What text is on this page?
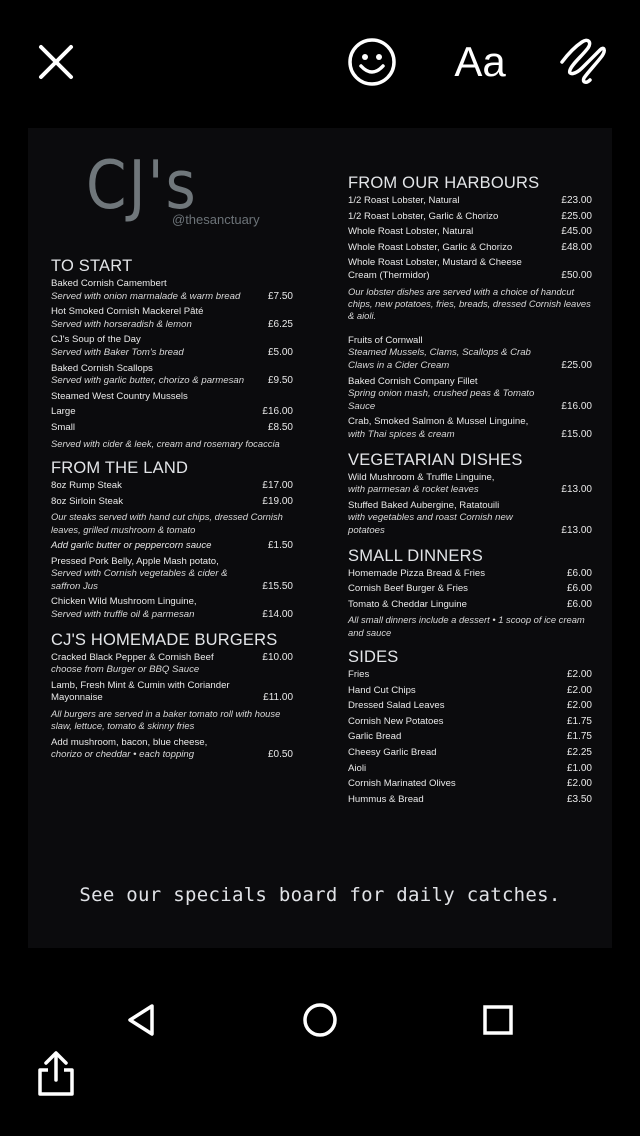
Aa
CJ's
@thesanctuary
TO START
Baked Cornish Camembert
Served with onion marmalade & warm bread	£7.50
Hot Smoked Cornish Mackerel Pâté
Served with horseradish & lemon	£6.25
CJ's Soup of the Day
Served with Baker Tom's bread	£5.00
Baked Cornish Scallops
Served with garlic butter, chorizo & parmesan £9.50
Steamed West Country Mussels
Large	£16.00
Small	£8.50
Served with cider & leek, cream and rosemary focaccia
FROM THE LAND
8oz Rump Steak	£17.00
8oz Sirloin Steak	£19.00
Our steaks served with hand cut chips, dressed Cornish leaves, grilled mushroom & tomato
Add garlic butter or peppercorn sauce	£1.50
Pressed Pork Belly, Apple Mash potato,
Served with Cornish vegetables & cider & saffron Jus	£15.50
Chicken Wild Mushroom Linguine,
Served with truffle oil & parmesan	£14.00
CJ'S HOMEMADE BURGERS
Cracked Black Pepper & Cornish Beef
choose from Burger or BBQ Sauce
£10.00
Lamb, Fresh Mint & Cumin with Coriander Mayonnaise	£11.00
All burgers are served in a baker tomato roll with house slaw, lettuce, tomato & skinny fries
Add mushroom, bacon, blue cheese,
chorizo or cheddar • each topping	£0.50
FROM OUR HARBOURS
1/2 Roast Lobster, Natural	£23.00
1/2 Roast Lobster, Garlic & Chorizo	£25.00
Whole Roast Lobster, Natural	£45.00
Whole Roast Lobster, Garlic & Chorizo	£48.00
Whole Roast Lobster, Mustard & Cheese Cream (Thermidor)	£50.00
Our lobster dishes are served with a choice of handcut chips, new potatoes, fries, breads, dressed Cornish leaves & aioli.
Fruits of Cornwall
Steamed Mussels, Clams, Scallops & Crab Claws in a Cider Cream	£25.00
Baked Cornish Company Fillet
Spring onion mash, crushed peas & Tomato Sauce	£16.00
Crab, Smoked Salmon & Mussel Linguine,
with Thai spices & cream	£15.00
VEGETARIAN DISHES
Wild Mushroom & Truffle Linguine,
with parmesan & rocket leaves	£13.00
Stuffed Baked Aubergine, Ratatouili
with vegetables and roast Cornish new potatoes	£13.00
SMALL DINNERS
Homemade Pizza Bread & Fries	£6.00
Cornish Beef Burger & Fries	£6.00
Tomato & Cheddar Linguine	£6.00
All small dinners include a dessert • 1 scoop of ice cream and sauce
SIDES
Fries	£2.00
Hand Cut Chips	£2.00
Dressed Salad Leaves	£2.00
Cornish New Potatoes	£1.75
Garlic Bread	£1.75
Cheesy Garlic Bread	£2.25
Aioli	£1.00
Cornish Marinated Olives	£2.00
Hummus & Bread	£3.50
See our specials board for daily catches.
